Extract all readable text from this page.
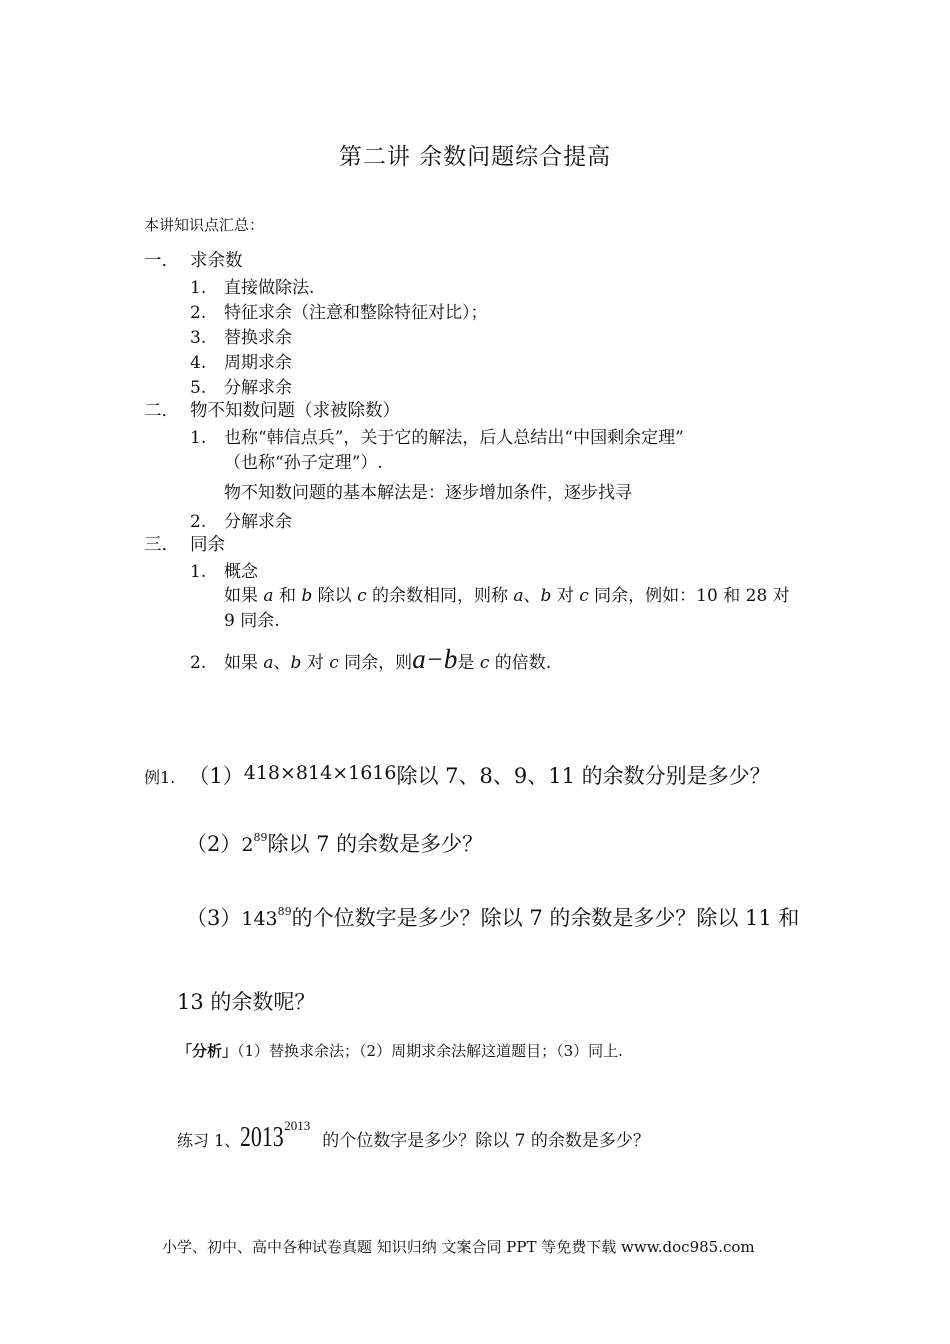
第二讲 余数问题综合提高
本讲知识点汇总：
一. 求余数
1. 直接做除法.
2. 特征求余（注意和整除特征对比）；
3. 替换求余
4. 周期求余
5. 分解求余
二. 物不知数问题（求被除数）
1. 也称“韩信点兵”，关于它的解法，后人总结出“中国剩余定理”
（也称“孙子定理”）.
物不知数问题的基本解法是：逐步增加条件，逐步找寻
2. 分解求余
三. 同余
1. 概念
如果 a 和 b 除以 c 的余数相同，则称 a、b 对 c 同余，例如：10 和 28 对
9 同余.
2. 如果 a、b 对 c 同余，则a−b是 c 的倍数.
例1. （1）418×814×1616除以 7、8、9、11 的余数分别是多少？
$(2)2^{89}$除以 7 的余数是多少？
$(3)143^{89}$的个位数字是多少？除以 7 的余数是多少？除以 11 和
13 的余数呢？
「分析」（1）替换求余法；（2）周期求余法解这道题目；（3）同上.
练习 1、$2013^{2013}$的个位数字是多少？除以 7 的余数是多少？
小学、初中、高中各种试卷真题 知识归纳 文案合同 PPT 等免费下载 www.doc985.com
